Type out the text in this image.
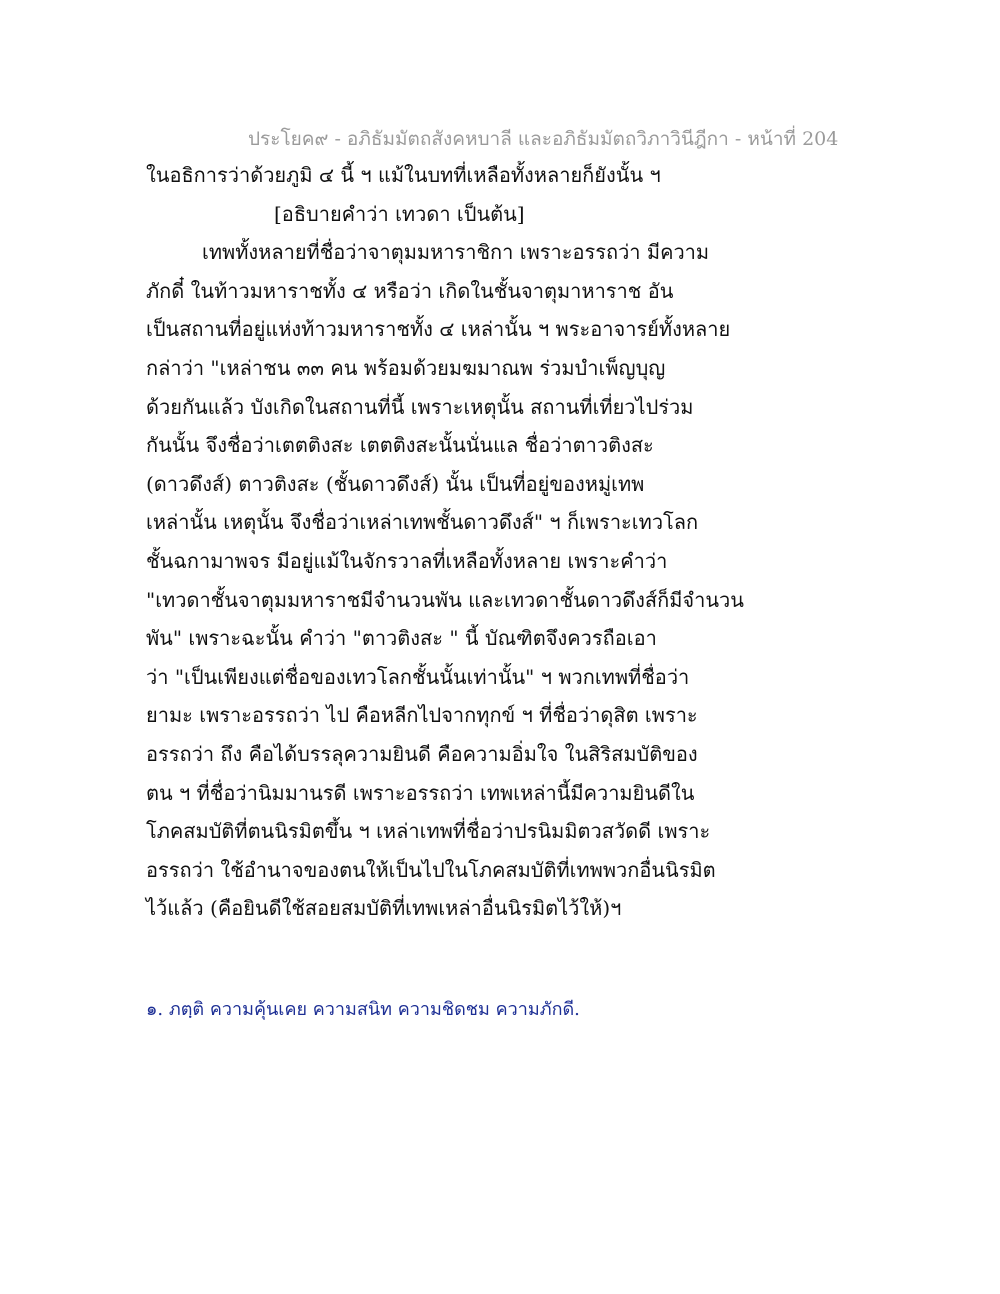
ประโยค๙ - อภิธัมมัตถสังคหบาลี และอภิธัมมัตถวิภาวินีฎีกา - หน้าที่ 204
ในอธิการว่าด้วยภูมิ ๔ นี้ ฯ แม้ในบทที่เหลือทั้งหลายก็ยังนั้น ฯ
[อธิบายคำว่า เทวดา เป็นต้น]
เทพทั้งหลายที่ชื่อว่าจาตุมมหาราชิกา เพราะอรรถว่า มีความ
ภักดี๋ ในท้าวมหาราชทั้ง ๔ หรือว่า เกิดในชั้นจาตุมาหาราช อัน
เป็นสถานที่อยู่แห่งท้าวมหาราชทั้ง ๔ เหล่านั้น ฯ พระอาจารย์ทั้งหลาย
กล่าว่า "เหล่าชน ๓๓ คน พร้อมด้วยมฆมาณพ ร่วมบำเพ็ญบุญ
ด้วยกันแล้ว บังเกิดในสถานที่นี้ เพราะเหตุนั้น สถานที่เที่ยวไปร่วม
กันนั้น จึงชื่อว่าเตตติงสะ เตตติงสะนั้นนั่นแล ชื่อว่าตาวติงสะ
(ดาวดึงส์) ตาวติงสะ (ชั้นดาวดึงส์) นั้น เป็นที่อยู่ของหมู่เทพ
เหล่านั้น เหตุนั้น จึงชื่อว่าเหล่าเทพชั้นดาวดึงส์" ฯ ก็เพราะเทวโลก
ชั้นฉกามาพจร มีอยู่แม้ในจักรวาลที่เหลือทั้งหลาย เพราะคำว่า
"เทวดาชั้นจาตุมมหาราชมีจำนวนพัน และเทวดาชั้นดาวดึงส์ก็มีจำนวน
พัน" เพราะฉะนั้น คำว่า "ตาวติงสะ " นี้ บัณฑิตจึงควรถือเอา
ว่า "เป็นเพียงแต่ชื่อของเทวโลกชั้นนั้นเท่านั้น" ฯ พวกเทพที่ชื่อว่า
ยามะ เพราะอรรถว่า ไป คือหลีกไปจากทุกข์ ฯ ที่ชื่อว่าดุสิต เพราะ
อรรถว่า ถึง คือได้บรรลุความยินดี คือความอิ่มใจ ในสิริสมบัติของ
ตน ฯ ที่ชื่อว่านิมมานรดี เพราะอรรถว่า เทพเหล่านี้มีความยินดีใน
โภคสมบัติที่ตนนิรมิตขึ้น ฯ เหล่าเทพที่ชื่อว่าปรนิมมิตวสวัดดี เพราะ
อรรถว่า ใช้อำนาจของตนให้เป็นไปในโภคสมบัติที่เทพพวกอื่นนิรมิต
ไว้แล้ว (คือยินดีใช้สอยสมบัติที่เทพเหล่าอื่นนิรมิตไว้ให้)ฯ
๑. ภตฺติ ความคุ้นเคย ความสนิท ความชิดชม ความภักดี.
